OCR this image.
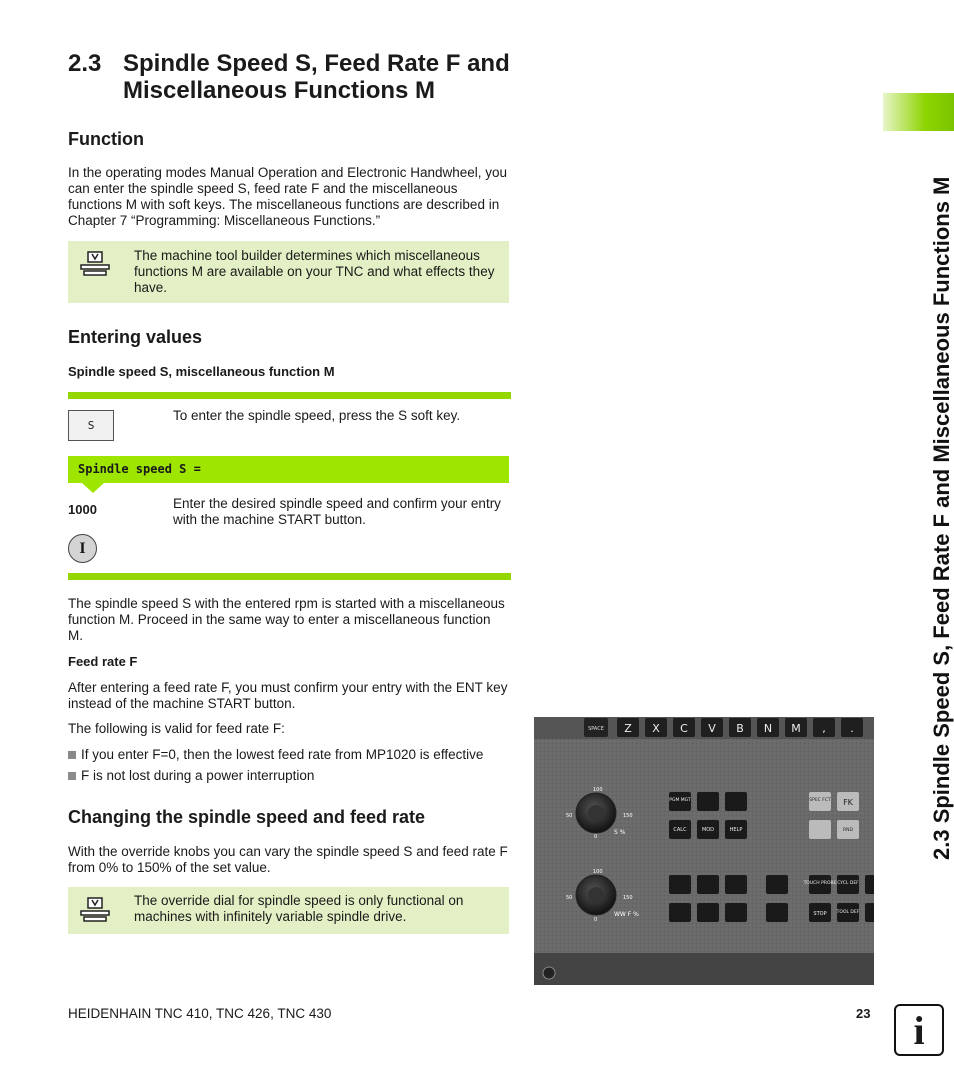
2.3 Spindle Speed S, Feed Rate F and Miscellaneous Functions M
Function
In the operating modes Manual Operation and Electronic Handwheel, you can enter the spindle speed S, feed rate F and the miscellaneous functions M with soft keys. The miscellaneous functions are described in Chapter 7 “Programming: Miscellaneous Functions.”
The machine tool builder determines which miscellaneous functions M are available on your TNC and what effects they have.
Entering values
Spindle speed S, miscellaneous function M
S
To enter the spindle speed, press the S soft key.
Spindle speed S =
1000	Enter the desired spindle speed and confirm your entry with the machine START button.
I
The spindle speed S with the entered rpm is started with a miscellaneous function M. Proceed in the same way to enter a miscellaneous function M.
Feed rate F
After entering a feed rate F, you must confirm your entry with the ENT key instead of the machine START button.
The following is valid for feed rate F:
If you enter F=0, then the lowest feed rate from MP1020 is effective
F is not lost during a power interruption
Changing the spindle speed and feed rate
With the override knobs you can vary the spindle speed S and feed rate F from 0% to 150% of the set value.
The override dial for spindle speed is only functional on machines with infinitely variable spindle drive.
SPACE Z X C V B N M , .
100
150
50
0
S %
100
150
50
0
WW F %
PGM MGT
CALC	MOD	HELP
SPEC FCT FK
RND
TOUCH PROBE CYCL DEF
STOP TOOL DEF
2.3 Spindle Speed S, Feed Rate F and Miscellaneous Functions M
HEIDENHAIN TNC 410, TNC 426, TNC 430	23	i
